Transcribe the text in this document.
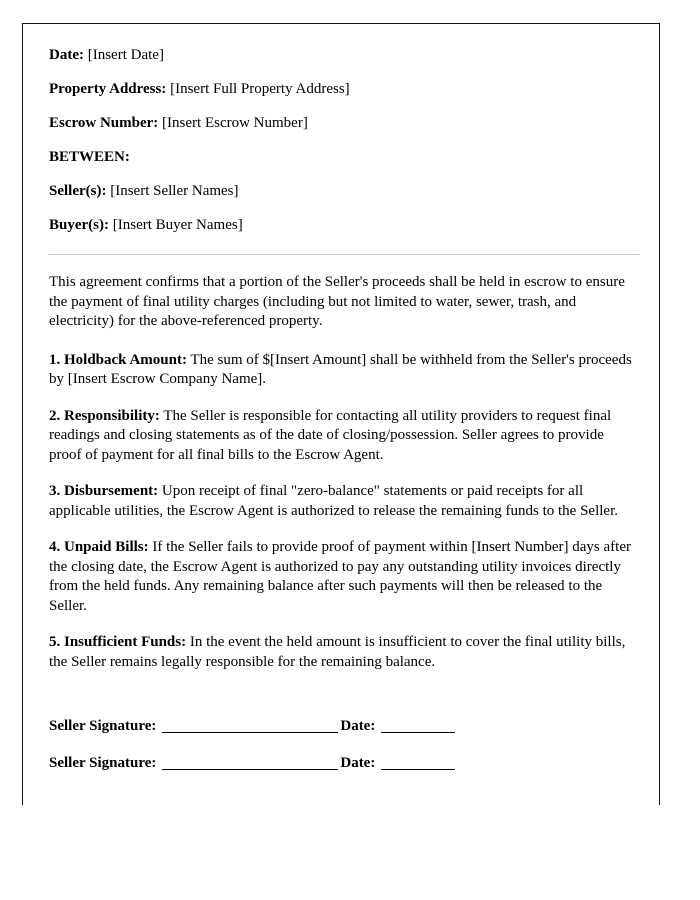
Date: [Insert Date]

Property Address: [Insert Full Property Address]

Escrow Number: [Insert Escrow Number]

BETWEEN:

Seller(s): [Insert Seller Names]

Buyer(s): [Insert Buyer Names]

This agreement confirms that a portion of the Seller's proceeds shall be held in escrow to ensure the payment of final utility charges (including but not limited to water, sewer, trash, and electricity) for the above-referenced property.

1. Holdback Amount: The sum of $[Insert Amount] shall be withheld from the Seller's proceeds by [Insert Escrow Company Name].

2. Responsibility: The Seller is responsible for contacting all utility providers to request final readings and closing statements as of the date of closing/possession. Seller agrees to provide proof of payment for all final bills to the Escrow Agent.

3. Disbursement: Upon receipt of final "zero-balance" statements or paid receipts for all applicable utilities, the Escrow Agent is authorized to release the remaining funds to the Seller.

4. Unpaid Bills: If the Seller fails to provide proof of payment within [Insert Number] days after the closing date, the Escrow Agent is authorized to pay any outstanding utility invoices directly from the held funds. Any remaining balance after such payments will then be released to the Seller.

5. Insufficient Funds: In the event the held amount is insufficient to cover the final utility bills, the Seller remains legally responsible for the remaining balance.

Seller Signature:	Date:

Seller Signature:	Date:
